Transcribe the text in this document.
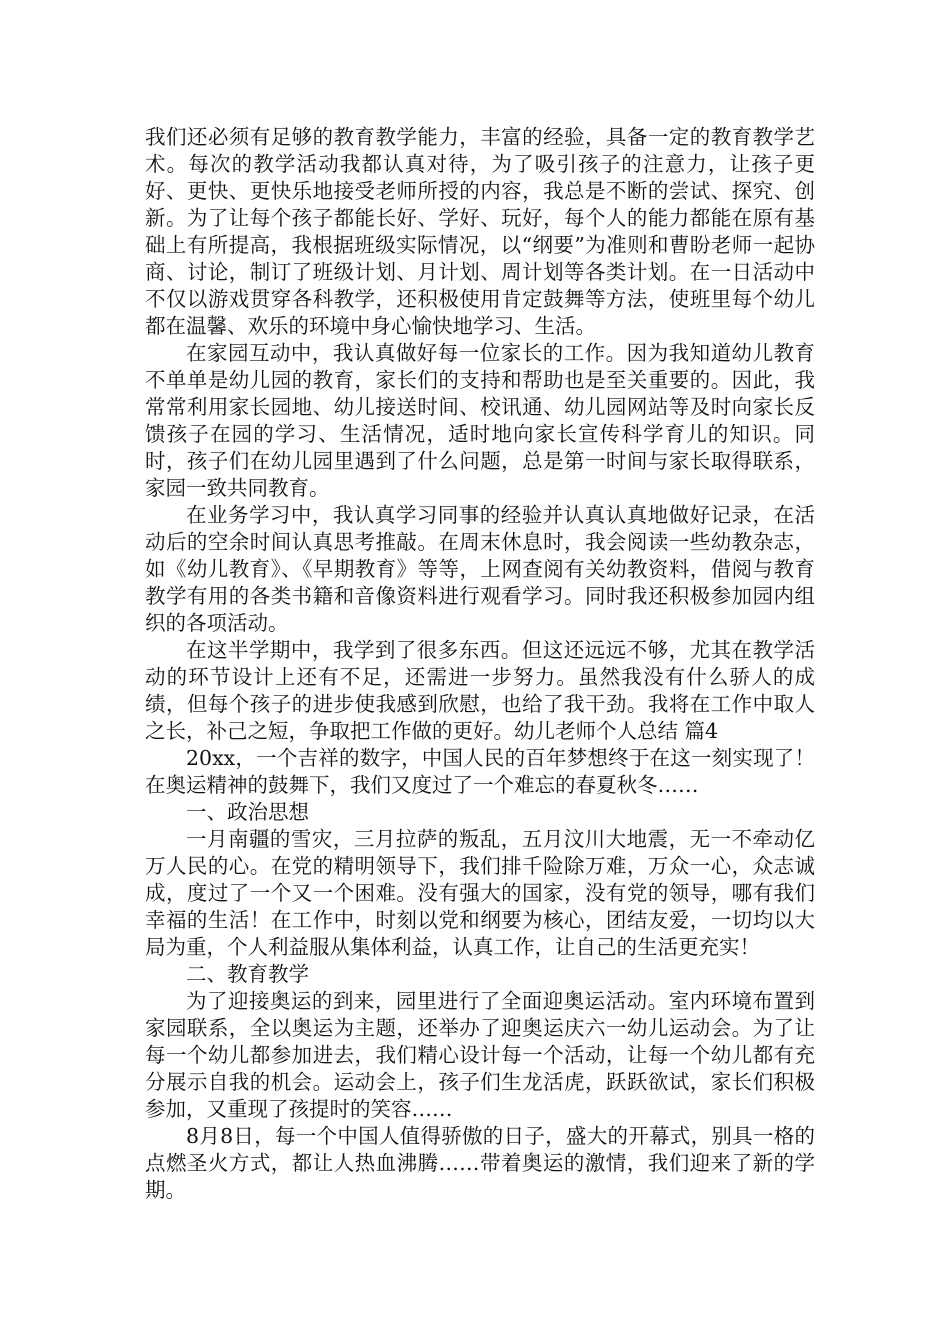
我们还必须有足够的教育教学能力，丰富的经验，具备一定的教育教学艺术。每次的教学活动我都认真对待，为了吸引孩子的注意力，让孩子更好、更快、更快乐地接受老师所授的内容，我总是不断的尝试、探究、创新。为了让每个孩子都能长好、学好、玩好，每个人的能力都能在原有基础上有所提高，我根据班级实际情况，以“纲要”为准则和曹盼老师一起协商、讨论，制订了班级计划、月计划、周计划等各类计划。在一日活动中不仅以游戏贯穿各科教学，还积极使用肯定鼓舞等方法，使班里每个幼儿都在温馨、欢乐的环境中身心愉快地学习、生活。

在家园互动中，我认真做好每一位家长的工作。因为我知道幼儿教育不单单是幼儿园的教育，家长们的支持和帮助也是至关重要的。因此，我常常利用家长园地、幼儿接送时间、校讯通、幼儿园网站等及时向家长反馈孩子在园的学习、生活情况，适时地向家长宣传科学育儿的知识。同时，孩子们在幼儿园里遇到了什么问题，总是第一时间与家长取得联系，家园一致共同教育。

在业务学习中，我认真学习同事的经验并认真认真地做好记录，在活动后的空余时间认真思考推敲。在周末休息时，我会阅读一些幼教杂志，如《幼儿教育》、《早期教育》等等，上网查阅有关幼教资料，借阅与教育教学有用的各类书籍和音像资料进行观看学习。同时我还积极参加园内组织的各项活动。

在这半学期中，我学到了很多东西。但这还远远不够，尤其在教学活动的环节设计上还有不足，还需进一步努力。虽然我没有什么骄人的成绩，但每个孩子的进步使我感到欣慰，也给了我干劲。我将在工作中取人之长，补己之短，争取把工作做的更好。幼儿老师个人总结 篇4

20xx，一个吉祥的数字，中国人民的百年梦想终于在这一刻实现了！在奥运精神的鼓舞下，我们又度过了一个难忘的春夏秋冬……

一、政治思想

一月南疆的雪灾，三月拉萨的叛乱，五月汶川大地震，无一不牵动亿万人民的心。在党的精明领导下，我们排千险除万难，万众一心，众志诚成，度过了一个又一个困难。没有强大的国家，没有党的领导，哪有我们幸福的生活！在工作中，时刻以党和纲要为核心，团结友爱，一切均以大局为重，个人利益服从集体利益，认真工作，让自己的生活更充实！

二、教育教学

为了迎接奥运的到来，园里进行了全面迎奥运活动。室内环境布置到家园联系，全以奥运为主题，还举办了迎奥运庆六一幼儿运动会。为了让每一个幼儿都参加进去，我们精心设计每一个活动，让每一个幼儿都有充分展示自我的机会。运动会上，孩子们生龙活虎，跃跃欲试，家长们积极参加，又重现了孩提时的笑容……

8月8日，每一个中国人值得骄傲的日子，盛大的开幕式，别具一格的点燃圣火方式，都让人热血沸腾……带着奥运的激情，我们迎来了新的学期。
